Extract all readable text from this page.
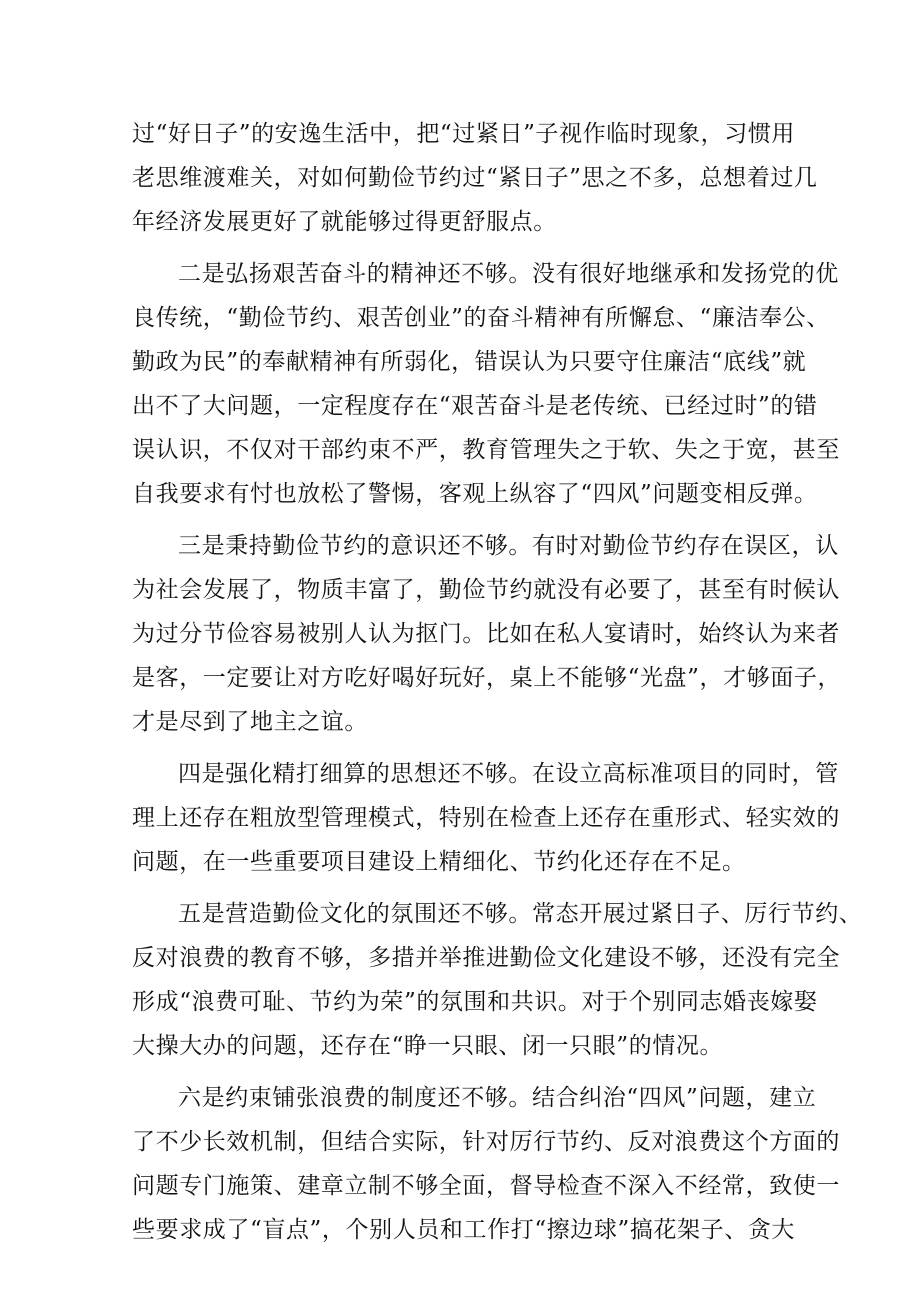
过“好日子”的安逸生活中，把“过紧日”子视作临时现象，习惯用
老思维渡难关，对如何勤俭节约过“紧日子”思之不多，总想着过几
年经济发展更好了就能够过得更舒服点。
二是弘扬艰苦奋斗的精神还不够。没有很好地继承和发扬党的优
良传统，“勤俭节约、艰苦创业”的奋斗精神有所懈怠、“廉洁奉公、
勤政为民”的奉献精神有所弱化，错误认为只要守住廉洁“底线”就
出不了大问题，一定程度存在“艰苦奋斗是老传统、已经过时”的错
误认识，不仅对干部约束不严，教育管理失之于软、失之于宽，甚至
自我要求有忖也放松了警惕，客观上纵容了“四风”问题变相反弹。
三是秉持勤俭节约的意识还不够。有时对勤俭节约存在误区，认
为社会发展了，物质丰富了，勤俭节约就没有必要了，甚至有时候认
为过分节俭容易被别人认为抠门。比如在私人宴请时，始终认为来者
是客，一定要让对方吃好喝好玩好，桌上不能够“光盘”，才够面子，
才是尽到了地主之谊。
四是强化精打细算的思想还不够。在设立高标准项目的同时，管
理上还存在粗放型管理模式，特别在检查上还存在重形式、轻实效的
问题，在一些重要项目建设上精细化、节约化还存在不足。
五是营造勤俭文化的氛围还不够。常态开展过紧日子、厉行节约、
反对浪费的教育不够，多措并举推进勤俭文化建设不够，还没有完全
形成“浪费可耻、节约为荣”的氛围和共识。对于个别同志婚丧嫁娶
大操大办的问题，还存在“睁一只眼、闭一只眼”的情况。
六是约束铺张浪费的制度还不够。结合纠治“四风”问题，建立
了不少长效机制，但结合实际，针对厉行节约、反对浪费这个方面的
问题专门施策、建章立制不够全面，督导检查不深入不经常，致使一
些要求成了“盲点”，个别人员和工作打“擦边球”搞花架子、贪大
